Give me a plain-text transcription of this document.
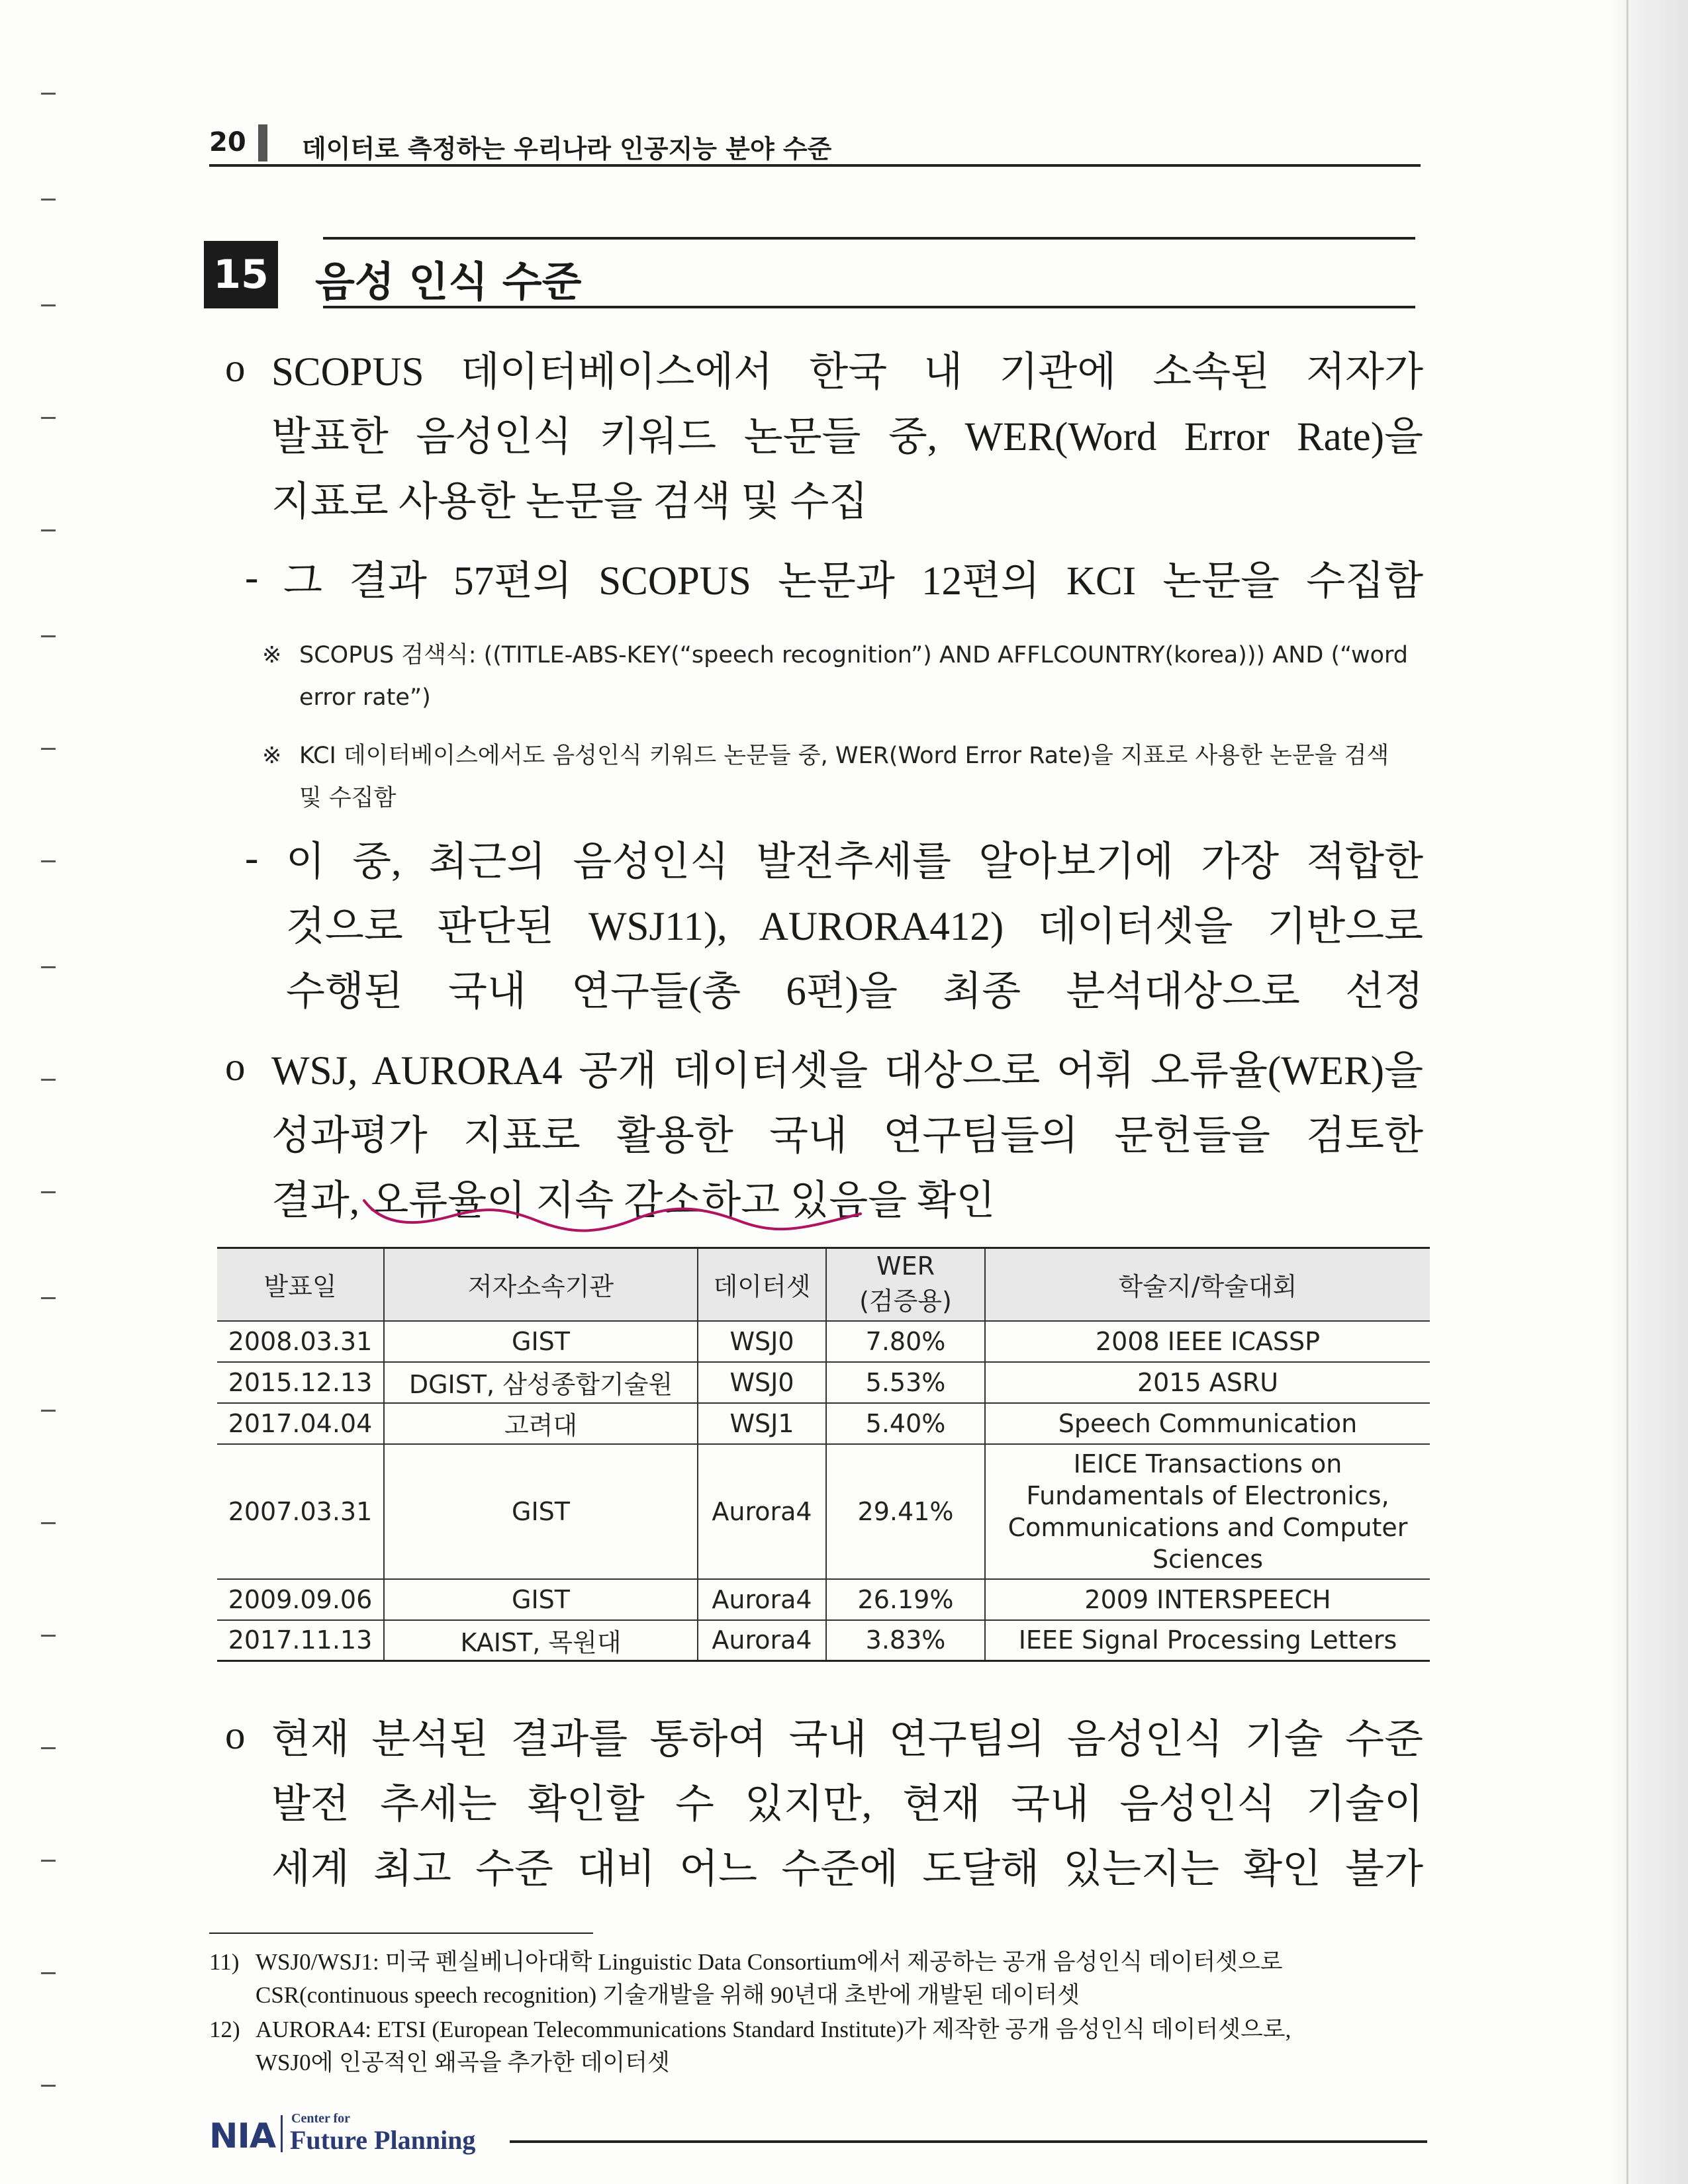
20 데이터로 측정하는 우리나라 인공지능 분야 수준
15 음성 인식 수준
o SCOPUS 데이터베이스에서 한국 내 기관에 소속된 저자가
발표한 음성인식 키워드 논문들 중, WER(Word Error Rate)을
지표로 사용한 논문을 검색 및 수집
- 그 결과 57편의 SCOPUS 논문과 12편의 KCI 논문을 수집함
※ SCOPUS 검색식: ((TITLE-ABS-KEY(“speech recognition”) AND AFFLCOUNTRY(korea))) AND (“word error rate”)
※ KCI 데이터베이스에서도 음성인식 키워드 논문들 중, WER(Word Error Rate)을 지표로 사용한 논문을 검색 및 수집함
- 이 중, 최근의 음성인식 발전추세를 알아보기에 가장 적합한
것으로 판단된 WSJ11), AURORA412) 데이터셋을 기반으로
수행된 국내 연구들(총 6편)을 최종 분석대상으로 선정
o WSJ, AURORA4 공개 데이터셋을 대상으로 어휘 오류율(WER)을
성과평가 지표로 활용한 국내 연구팀들의 문헌들을 검토한
결과, 오류율이 지속 감소하고 있음을 확인
발표일	저자소속기관	데이터셋	WER
(검증용)	학술지/학술대회
2008.03.31	GIST	WSJ0	7.80%	2008 IEEE ICASSP
2015.12.13	DGIST, 삼성종합기술원	WSJ0	5.53%	2015 ASRU
2017.04.04	고려대	WSJ1	5.40%	Speech Communication
2007.03.31	GIST	Aurora4	29.41%	IEICE Transactions on
Fundamentals of Electronics,
Communications and Computer
Sciences

2009.09.06	GIST	Aurora4	26.19%	2009 INTERSPEECH
2017.11.13	KAIST, 목원대	Aurora4	3.83%	IEEE Signal Processing Letters
o 현재 분석된 결과를 통하여 국내 연구팀의 음성인식 기술 수준
발전 추세는 확인할 수 있지만, 현재 국내 음성인식 기술이
세계 최고 수준 대비 어느 수준에 도달해 있는지는 확인 불가
11) WSJ0/WSJ1: 미국 펜실베니아대학 Linguistic Data Consortium에서 제공하는 공개 음성인식 데이터셋으로
CSR(continuous speech recognition) 기술개발을 위해 90년대 초반에 개발된 데이터셋
12) AURORA4: ETSI (European Telecommunications Standard Institute)가 제작한 공개 음성인식 데이터셋으로,
WSJ0에 인공적인 왜곡을 추가한 데이터셋
NIA Center for
Future Planning
